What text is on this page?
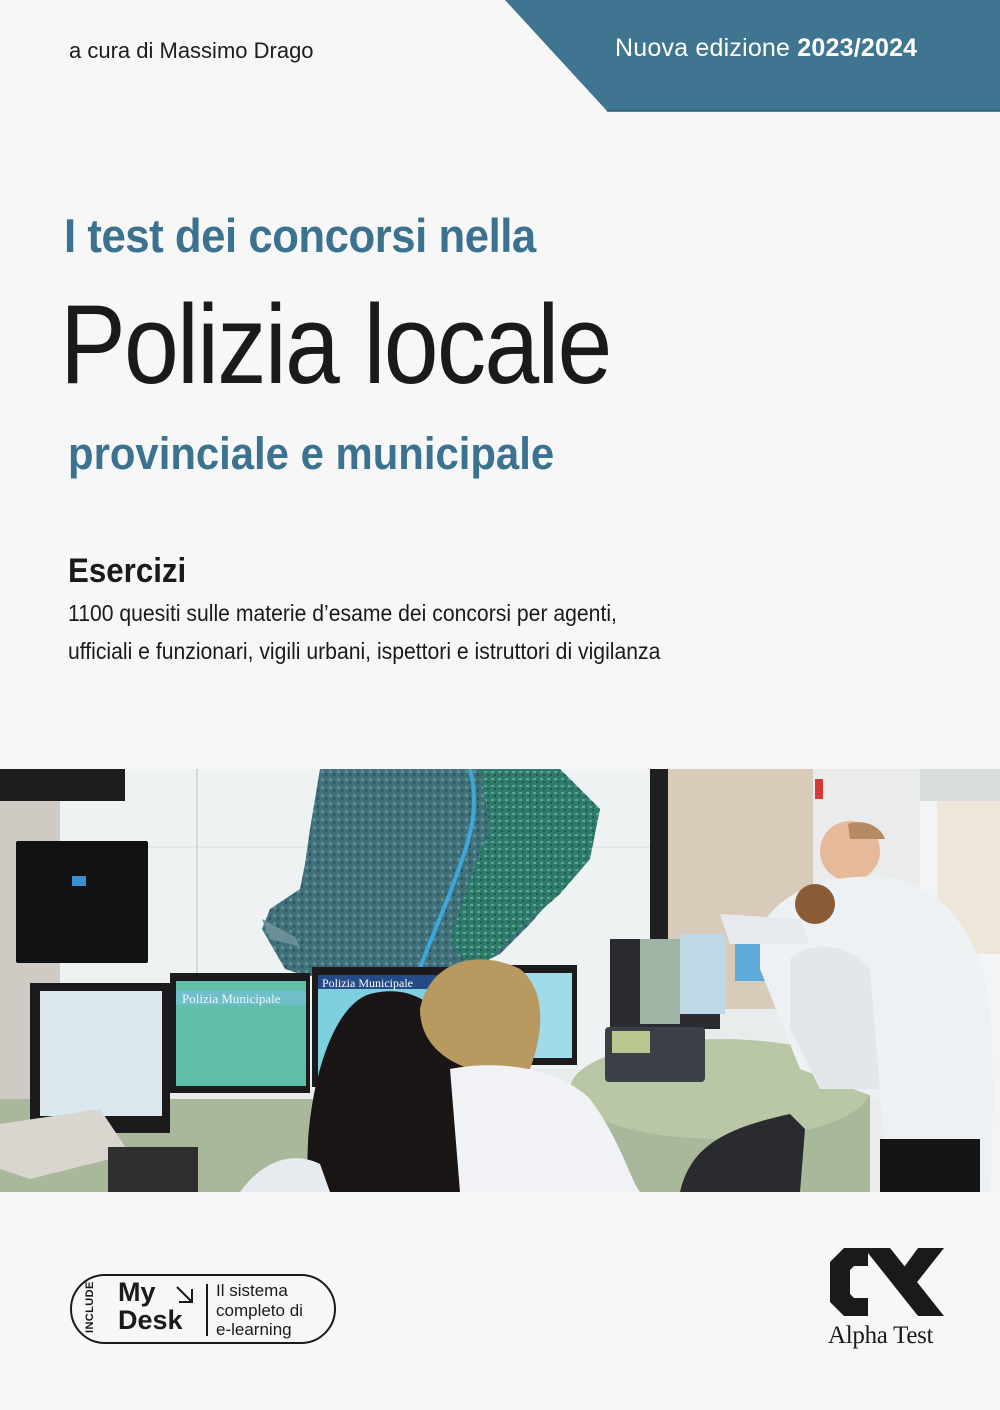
Nuova edizione 2023/2024
a cura di Massimo Drago
I test dei concorsi nella
Polizia locale
provinciale e municipale
Esercizi
1100 quesiti sulle materie d’esame dei concorsi per agenti,
ufficiali e funzionari, vigili urbani, ispettori e istruttori di vigilanza
Polizia Municipale
Polizia Municipale
INCLUDE My
Desk
Il sistema
completo di
e-learning	Alpha Test
